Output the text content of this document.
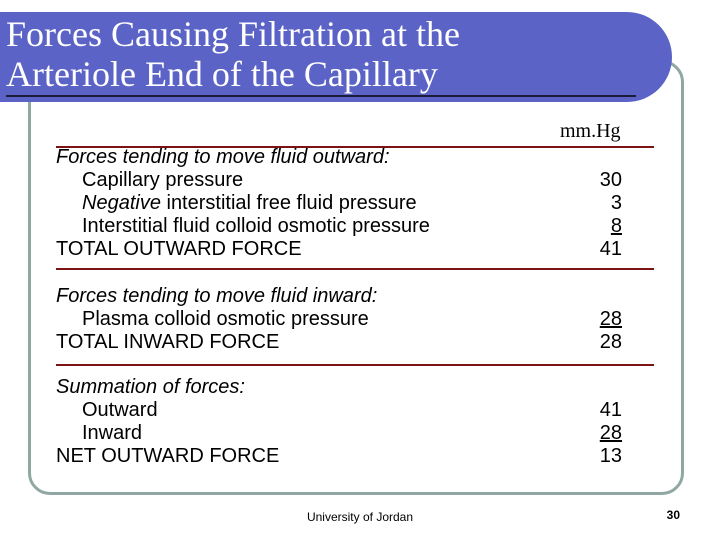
Forces Causing Filtration at the
Arteriole End of the Capillary
mm.Hg
Forces tending to move fluid outward:
Capillary pressure	30
Negative interstitial free fluid pressure	3
Interstitial fluid colloid osmotic pressure	8
TOTAL OUTWARD FORCE	41
Forces tending to move fluid inward:
Plasma colloid osmotic pressure	28
TOTAL INWARD FORCE	28
Summation of forces:
Outward	41
Inward	28
NET OUTWARD FORCE	13
University of Jordan	30
